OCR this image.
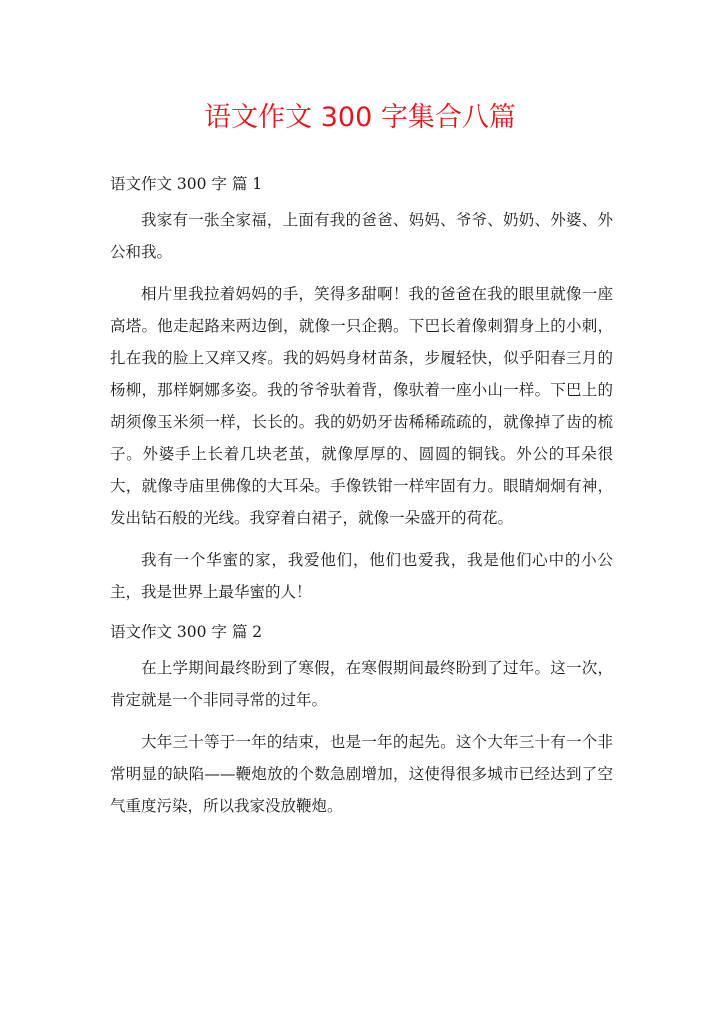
语文作文 300 字集合八篇
语文作文 300 字 篇 1

我家有一张全家福，上面有我的爸爸、妈妈、爷爷、奶奶、外婆、外公和我。

相片里我拉着妈妈的手，笑得多甜啊！我的爸爸在我的眼里就像一座高塔。他走起路来两边倒，就像一只企鹅。下巴长着像刺猬身上的小刺，扎在我的脸上又痒又疼。我的妈妈身材苗条，步履轻快，似乎阳春三月的杨柳，那样婀娜多姿。我的爷爷驮着背，像驮着一座小山一样。下巴上的胡须像玉米须一样，长长的。我的奶奶牙齿稀稀疏疏的，就像掉了齿的梳子。外婆手上长着几块老茧，就像厚厚的、圆圆的铜钱。外公的耳朵很大，就像寺庙里佛像的大耳朵。手像铁钳一样牢固有力。眼睛炯炯有神，发出钻石般的光线。我穿着白裙子，就像一朵盛开的荷花。

我有一个华蜜的家，我爱他们，他们也爱我，我是他们心中的小公主，我是世界上最华蜜的人！

语文作文 300 字 篇 2

在上学期间最终盼到了寒假，在寒假期间最终盼到了过年。这一次，肯定就是一个非同寻常的过年。

大年三十等于一年的结束，也是一年的起先。这个大年三十有一个非常明显的缺陷——鞭炮放的个数急剧增加，这使得很多城市已经达到了空气重度污染，所以我家没放鞭炮。
